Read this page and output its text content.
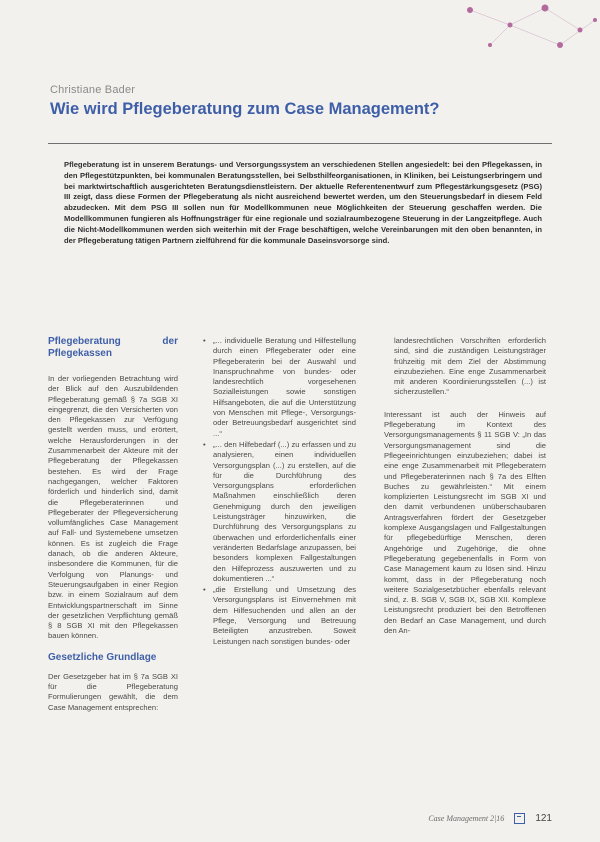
Christiane Bader
Wie wird Pflegeberatung zum Case Management?
Pflegeberatung ist in unserem Beratungs- und Versorgungssystem an verschiedenen Stellen angesiedelt: bei den Pflegekassen, in den Pflegestützpunkten, bei kommunalen Beratungsstellen, bei Selbsthilfeorganisationen, in Kliniken, bei Leistungserbringern und bei marktwirtschaftlich ausgerichteten Beratungsdienstleistern. Der aktuelle Referentenentwurf zum Pflegestärkungsgesetz (PSG) III zeigt, dass diese Formen der Pflegeberatung als nicht ausreichend bewertet werden, um den Steuerungsbedarf in diesem Feld abzudecken. Mit dem PSG III sollen nun für Modellkommunen neue Möglichkeiten der Steuerung geschaffen werden. Die Modellkommunen fungieren als Hoffnungsträger für eine regionale und sozialraumbezogene Steuerung in der Langzeitpflege. Auch die Nicht-Modellkommunen werden sich weiterhin mit der Frage beschäftigen, welche Vereinbarungen mit den oben benannten, in der Pflegeberatung tätigen Partnern zielführend für die kommunale Daseinsvorsorge sind.
Pflegeberatung der Pflegekassen

In der vorliegenden Betrachtung wird der Blick auf den Auszubildenden Pflegeberatung gemäß § 7a SGB XI eingegrenzt, die den Versicherten von den Pflegekassen zur Verfügung gestellt werden muss, und erörtert, welche Herausforderungen in der Zusammenarbeit der Akteure mit der Pflegeberatung der Pflegekassen bestehen. Es wird der Frage nachgegangen, welcher Faktoren förderlich und hinderlich sind, damit die Pflegeberaterinnen und Pflegeberater der Pflegeversicherung vollumfängliches Case Management auf Fall- und Systemebene umsetzen können. Es ist zugleich die Frage danach, ob die anderen Akteure, insbesondere die Kommunen, für die Verfolgung von Planungs- und Steuerungsaufgaben in einer Region bzw. in einem Sozialraum auf dem Entwicklungspartnerschaft im Sinne der gesetzlichen Verpflichtung gemäß § 8 SGB XI mit den Pflegekassen bauen können.

Gesetzliche Grundlage

Der Gesetzgeber hat im § 7a SGB XI für die Pflegeberatung Formulierungen gewählt, die dem Case Management entsprechen:

• „... individuelle Beratung und Hilfestellung durch einen Pflegeberater oder eine Pflegeberaterin bei der Auswahl und Inanspruchnahme von bundes- oder landesrechtlich vorgesehenen Sozialleistungen sowie sonstigen Hilfsangeboten, die auf die Unterstützung von Menschen mit Pflege-, Versorgungs- oder Betreuungsbedarf ausgerichtet sind ...“
• „... den Hilfebedarf (...) zu erfassen und zu analysieren, einen individuellen Versorgungsplan (...) zu erstellen, auf die für die Durchführung des Versorgungsplans erforderlichen Maßnahmen einschließlich deren Genehmigung durch den jeweiligen Leistungsträger hinzuwirken, die Durchführung des Versorgungsplans zu überwachen und erforderlichenfalls einer veränderten Bedarfslage anzupassen, bei besonders komplexen Fallgestaltungen den Hilfeprozess auszuwerten und zu dokumentieren ...“
• „die Erstellung und Umsetzung des Versorgungsplans ist Einvernehmen mit dem Hilfesuchenden und allen an der Pflege, Versorgung und Betreuung Beteiligten anzustreben. Soweit Leistungen nach sonstigen bundes- oder

landesrechtlichen Vorschriften erforderlich sind, sind die zuständigen Leistungsträger frühzeitig mit dem Ziel der Abstimmung einzubeziehen. Eine enge Zusammenarbeit mit anderen Koordinierungsstellen (...) ist sicherzustellen.“

Interessant ist auch der Hinweis auf Pflegeberatung im Kontext des Versorgungsmanagements § 11 SGB V: „In das Versorgungsmanagement sind die Pflegeeinrichtungen einzubeziehen; dabei ist eine enge Zusammenarbeit mit Pflegeberatern und Pflegeberaterinnen nach § 7a des Elften Buches zu gewährleisten.“ Mit einem komplizierten Leistungsrecht im SGB XI und den damit verbundenen unüberschaubaren Antragsverfahren fördert der Gesetzgeber komplexe Ausgangslagen und Fallgestaltungen für pflegebedürftige Menschen, deren Angehörige und Zugehörige, die ohne Pflegeberatung gegebenenfalls in Form von Case Management kaum zu lösen sind. Hinzu kommt, dass in der Pflegeberatung noch weitere Sozialgesetzbücher ebenfalls relevant sind, z. B. SGB V, SGB IX, SGB XII. Komplexe Leistungsrecht produziert bei den Betroffenen den Bedarf an Case Management, und durch den An-

Case Management 2|16	121
